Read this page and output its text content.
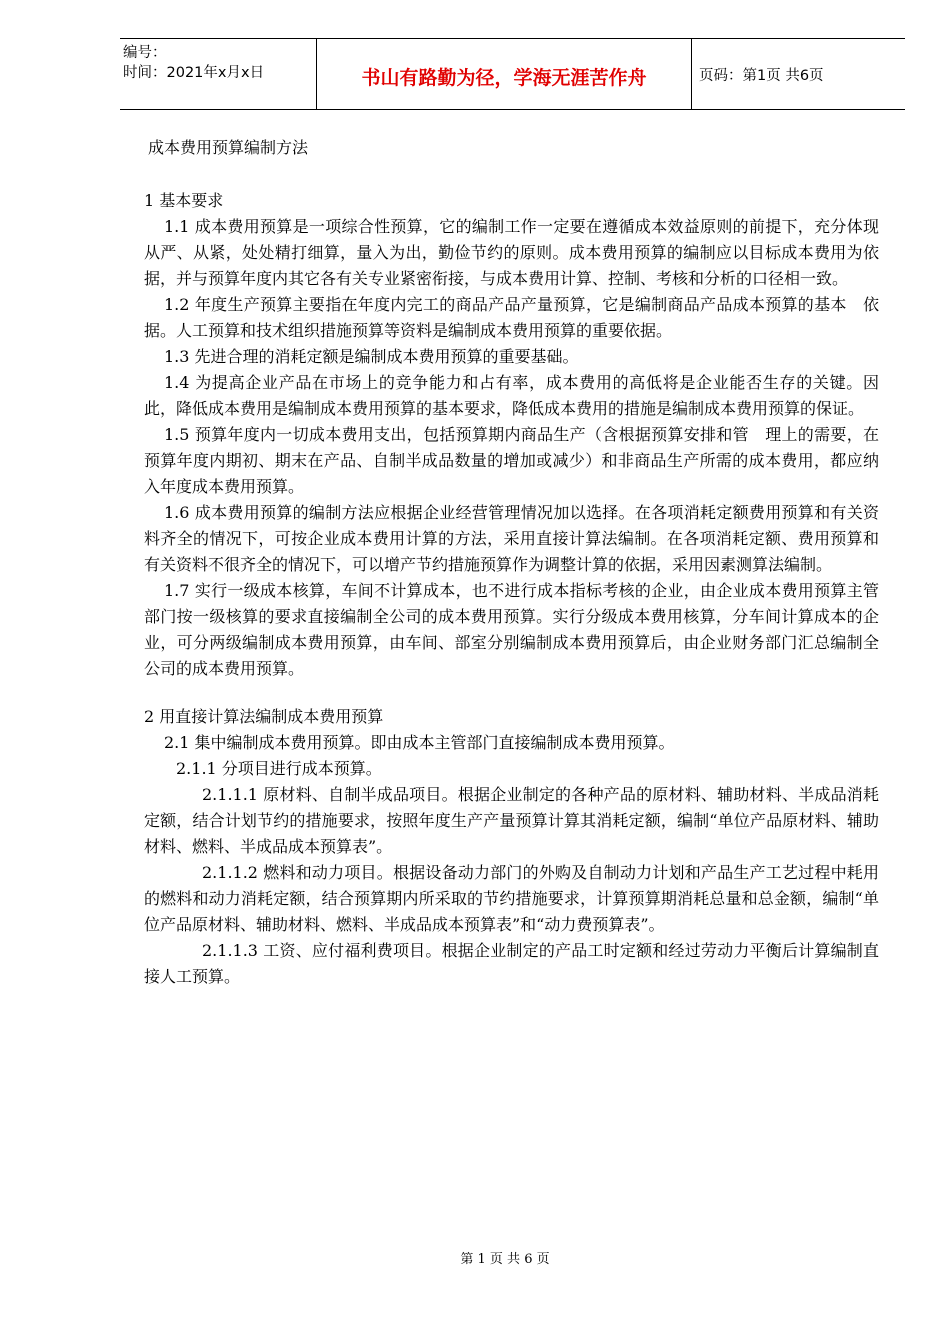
编号：
时间：2021年x月x日	书山有路勤为径，学海无涯苦作舟	页码：第1页 共6页
成本费用预算编制方法

1 基本要求

1.1 成本费用预算是一项综合性预算，它的编制工作一定要在遵循成本效益原则的前提下，充分体现从严、从紧，处处精打细算，量入为出，勤俭节约的原则。成本费用预算的编制应以目标成本费用为依据，并与预算年度内其它各有关专业紧密衔接，与成本费用计算、控制、考核和分析的口径相一致。

1.2 年度生产预算主要指在年度内完工的商品产品产量预算，它是编制商品产品成本预算的基本　依据。人工预算和技术组织措施预算等资料是编制成本费用预算的重要依据。

1.3 先进合理的消耗定额是编制成本费用预算的重要基础。

1.4 为提高企业产品在市场上的竞争能力和占有率，成本费用的高低将是企业能否生存的关键。因此，降低成本费用是编制成本费用预算的基本要求，降低成本费用的措施是编制成本费用预算的保证。

1.5 预算年度内一切成本费用支出，包括预算期内商品生产（含根据预算安排和管　理上的需要，在预算年度内期初、期末在产品、自制半成品数量的增加或减少）和非商品生产所需的成本费用，都应纳入年度成本费用预算。

1.6 成本费用预算的编制方法应根据企业经营管理情况加以选择。在各项消耗定额费用预算和有关资料齐全的情况下，可按企业成本费用计算的方法，采用直接计算法编制。在各项消耗定额、费用预算和有关资料不很齐全的情况下，可以增产节约措施预算作为调整计算的依据，采用因素测算法编制。

1.7 实行一级成本核算，车间不计算成本，也不进行成本指标考核的企业，由企业成本费用预算主管部门按一级核算的要求直接编制全公司的成本费用预算。实行分级成本费用核算，分车间计算成本的企业，可分两级编制成本费用预算，由车间、部室分别编制成本费用预算后，由企业财务部门汇总编制全公司的成本费用预算。

2 用直接计算法编制成本费用预算

2.1 集中编制成本费用预算。即由成本主管部门直接编制成本费用预算。

2.1.1 分项目进行成本预算。

2.1.1.1 原材料、自制半成品项目。根据企业制定的各种产品的原材料、辅助材料、半成品消耗定额，结合计划节约的措施要求，按照年度生产产量预算计算其消耗定额，编制“单位产品原材料、辅助材料、燃料、半成品成本预算表”。

2.1.1.2 燃料和动力项目。根据设备动力部门的外购及自制动力计划和产品生产工艺过程中耗用的燃料和动力消耗定额，结合预算期内所采取的节约措施要求，计算预算期消耗总量和总金额，编制“单位产品原材料、辅助材料、燃料、半成品成本预算表”和“动力费预算表”。

2.1.1.3 工资、应付福利费项目。根据企业制定的产品工时定额和经过劳动力平衡后计算编制直接人工预算。

第 1 页 共 6 页
